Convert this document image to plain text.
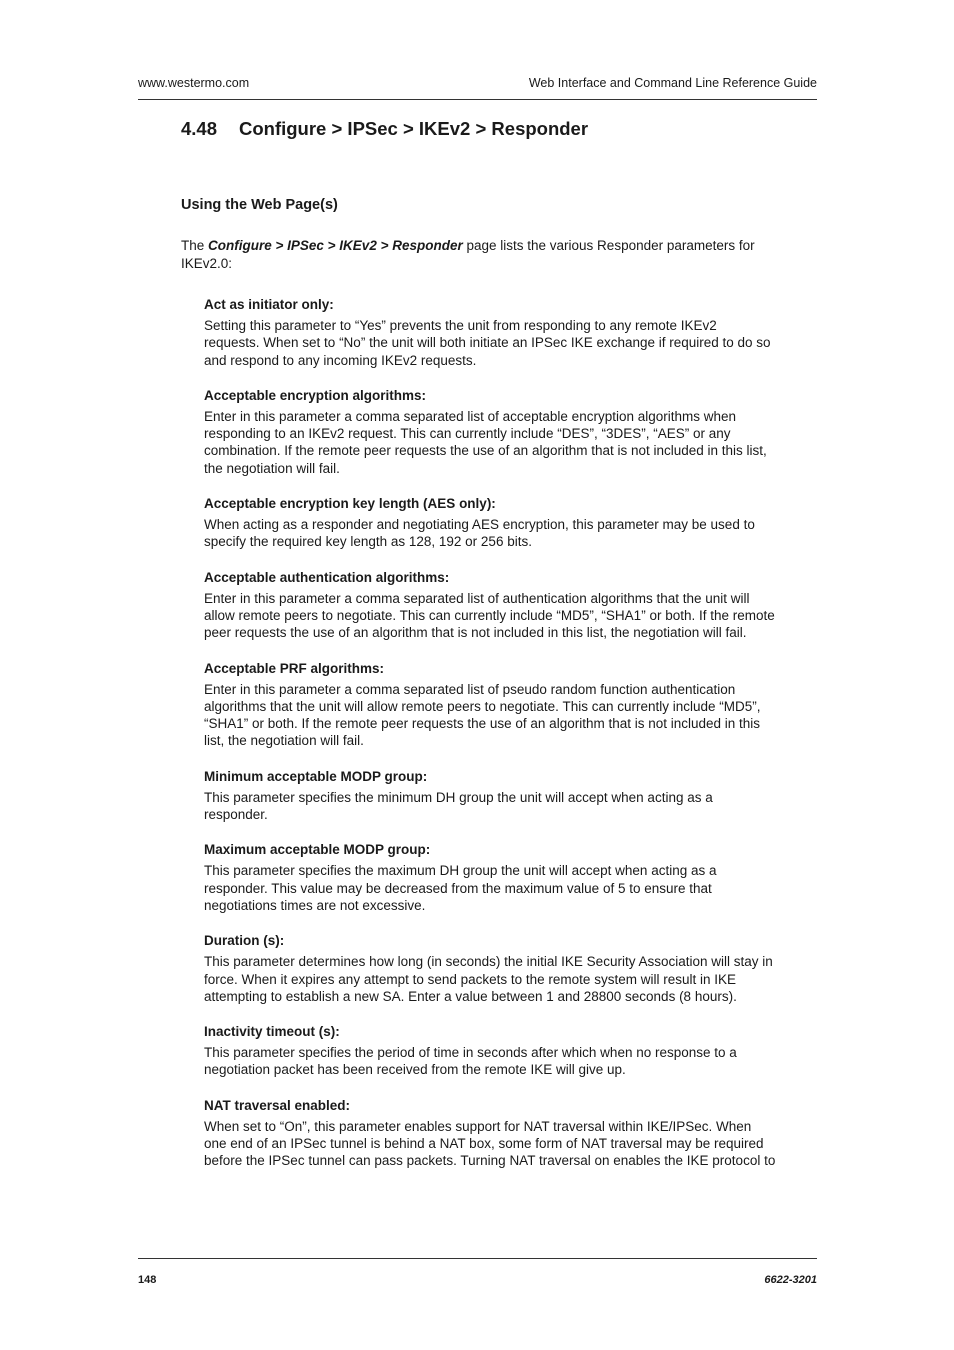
www.westermo.com	Web Interface and Command Line Reference Guide
4.48 Configure > IPSec > IKEv2 > Responder
Using the Web Page(s)
The Configure > IPSec > IKEv2 > Responder page lists the various Responder parameters for IKEv2.0:
Act as initiator only:
Setting this parameter to “Yes” prevents the unit from responding to any remote IKEv2 requests. When set to “No” the unit will both initiate an IPSec IKE exchange if required to do so and respond to any incoming IKEv2 requests.
Acceptable encryption algorithms:
Enter in this parameter a comma separated list of acceptable encryption algorithms when responding to an IKEv2 request. This can currently include “DES”, “3DES”, “AES” or any combination. If the remote peer requests the use of an algorithm that is not included in this list, the negotiation will fail.
Acceptable encryption key length (AES only):
When acting as a responder and negotiating AES encryption, this parameter may be used to specify the required key length as 128, 192 or 256 bits.
Acceptable authentication algorithms:
Enter in this parameter a comma separated list of authentication algorithms that the unit will allow remote peers to negotiate. This can currently include “MD5”, “SHA1” or both. If the remote peer requests the use of an algorithm that is not included in this list, the negotiation will fail.
Acceptable PRF algorithms:
Enter in this parameter a comma separated list of pseudo random function authentication algorithms that the unit will allow remote peers to negotiate. This can currently include “MD5”, “SHA1” or both. If the remote peer requests the use of an algorithm that is not included in this list, the negotiation will fail.
Minimum acceptable MODP group:
This parameter specifies the minimum DH group the unit will accept when acting as a responder.
Maximum acceptable MODP group:
This parameter specifies the maximum DH group the unit will accept when acting as a responder. This value may be decreased from the maximum value of 5 to ensure that negotiations times are not excessive.
Duration (s):
This parameter determines how long (in seconds) the initial IKE Security Association will stay in force. When it expires any attempt to send packets to the remote system will result in IKE attempting to establish a new SA. Enter a value between 1 and 28800 seconds (8 hours).
Inactivity timeout (s):
This parameter specifies the period of time in seconds after which when no response to a negotiation packet has been received from the remote IKE will give up.
NAT traversal enabled:
When set to “On”, this parameter enables support for NAT traversal within IKE/IPSec. When one end of an IPSec tunnel is behind a NAT box, some form of NAT traversal may be required before the IPSec tunnel can pass packets. Turning NAT traversal on enables the IKE protocol to
148	6622-3201
